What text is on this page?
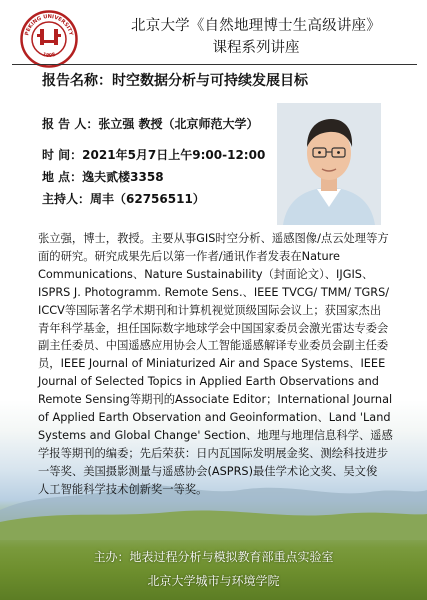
PEKING UNIVERSITY
1898
北京大学《自然地理博士生高级讲座》
课程系列讲座
报告名称：时空数据分析与可持续发展目标
报 告 人：张立强 教授（北京师范大学）
时 间：2021年5月7日上午9:00-12:00
地 点：逸夫贰楼3358
主持人：周丰（62756511）
张立强，博士，教授。主要从事GIS时空分析、遥感图像/点云处理等方
面的研究。研究成果先后以第一作者/通讯作者发表在Nature
Communications、Nature Sustainability（封面论文）、IJGIS、
ISPRS J. Photogramm. Remote Sens.、IEEE TVCG/ TMM/ TGRS/
ICCV等国际著名学术期刊和计算机视觉顶级国际会议上；获国家杰出
青年科学基金，担任国际数字地球学会中国国家委员会激光雷达专委会
副主任委员、中国遥感应用协会人工智能遥感解译专业委员会副主任委
员，IEEE Journal of Miniaturized Air and Space Systems、IEEE
Journal of Selected Topics in Applied Earth Observations and
Remote Sensing等期刊的Associate Editor；International Journal
of Applied Earth Observation and Geoinformation、Land 'Land
Systems and Global Change' Section、地理与地理信息科学、遥感
学报等期刊的编委；先后荣获：日内瓦国际发明展金奖、测绘科技进步
一等奖、美国摄影测量与遥感协会(ASPRS)最佳学术论文奖、吴文俊
人工智能科学技术创新奖一等奖。
主办：地表过程分析与模拟教育部重点实验室
北京大学城市与环境学院
